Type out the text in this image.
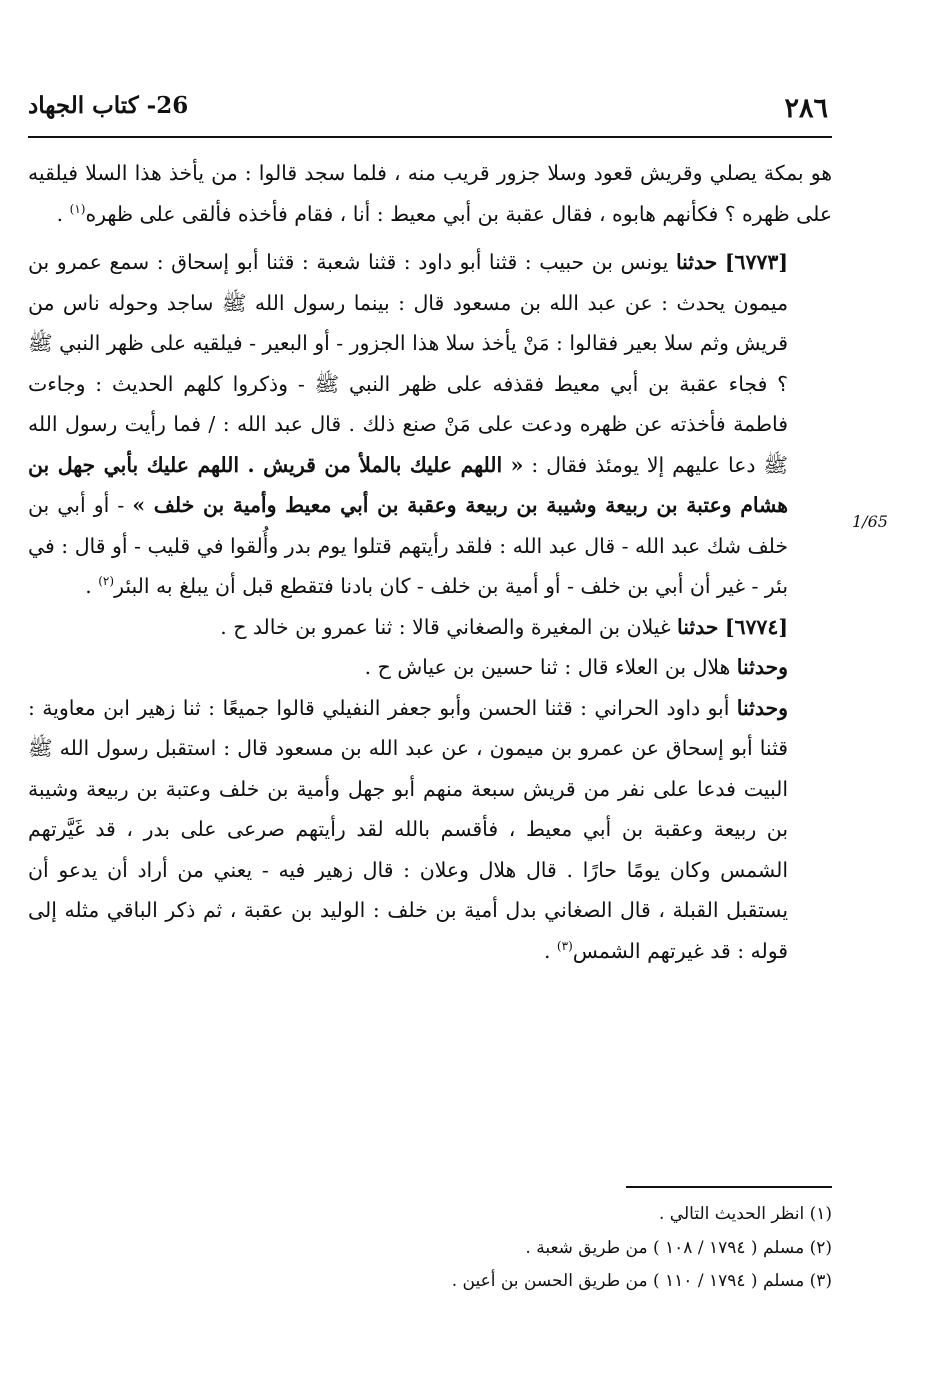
٢٨٦
26- كتاب الجهاد
1/65

هو بمكة يصلي وقريش قعود وسلا جزور قريب منه ، فلما سجد قالوا : من يأخذ هذا السلا فيلقيه على ظهره ؟ فكأنهم هابوه ، فقال عقبة بن أبي معيط : أنا ، فقام فأخذه فألقى على ظهره$^{(١)}$ .

[٦٧٧٣] حدثنا يونس بن حبيب : قثنا أبو داود : قثنا شعبة : قثنا أبو إسحاق : سمع عمرو بن ميمون يحدث : عن عبد الله بن مسعود قال : بينما رسول الله ﷺ ساجد وحوله ناس من قريش وثم سلا بعير فقالوا : مَنْ يأخذ سلا هذا الجزور - أو البعير - فيلقيه على ظهر النبي ﷺ ؟ فجاء عقبة بن أبي معيط فقذفه على ظهر النبي ﷺ - وذكروا كلهم الحديث : وجاءت فاطمة فأخذته عن ظهره ودعت على مَنْ صنع ذلك . قال عبد الله : / فما رأيت رسول الله ﷺ دعا عليهم إلا يومئذ فقال : « اللهم عليك بالملأ من قريش . اللهم عليك بأبي جهل بن هشام وعتبة بن ربيعة وشيبة بن ربيعة وعقبة بن أبي معيط وأمية بن خلف » - أو أبي بن خلف شك عبد الله - قال عبد الله : فلقد رأيتهم قتلوا يوم بدر وأُلقوا في قليب - أو قال : في بئر - غير أن أبي بن خلف - أو أمية بن خلف - كان بادنا فتقطع قبل أن يبلغ به البئر$^{(٢)}$ .

[٦٧٧٤] حدثنا غيلان بن المغيرة والصغاني قالا : ثنا عمرو بن خالد ح .

وحدثنا هلال بن العلاء قال : ثنا حسين بن عياش ح .

وحدثنا أبو داود الحراني : قثنا الحسن وأبو جعفر النفيلي قالوا جميعًا : ثنا زهير ابن معاوية : قثنا أبو إسحاق عن عمرو بن ميمون ، عن عبد الله بن مسعود قال : استقبل رسول الله ﷺ البيت فدعا على نفر من قريش سبعة منهم أبو جهل وأمية بن خلف وعتبة بن ربيعة وشيبة بن ربيعة وعقبة بن أبي معيط ، فأقسم بالله لقد رأيتهم صرعى على بدر ، قد غَيَّرتهم الشمس وكان يومًا حارًا . قال هلال وعلان : قال زهير فيه - يعني من أراد أن يدعو أن يستقبل القبلة ، قال الصغاني بدل أمية بن خلف : الوليد بن عقبة ، ثم ذكر الباقي مثله إلى قوله : قد غيرتهم الشمس$^{(٣)}$ .

(١) انظر الحديث التالي .

(٢) مسلم ( ١٧٩٤ / ١٠٨ ) من طريق شعبة .

(٣) مسلم ( ١٧٩٤ / ١١٠ ) من طريق الحسن بن أعين .
